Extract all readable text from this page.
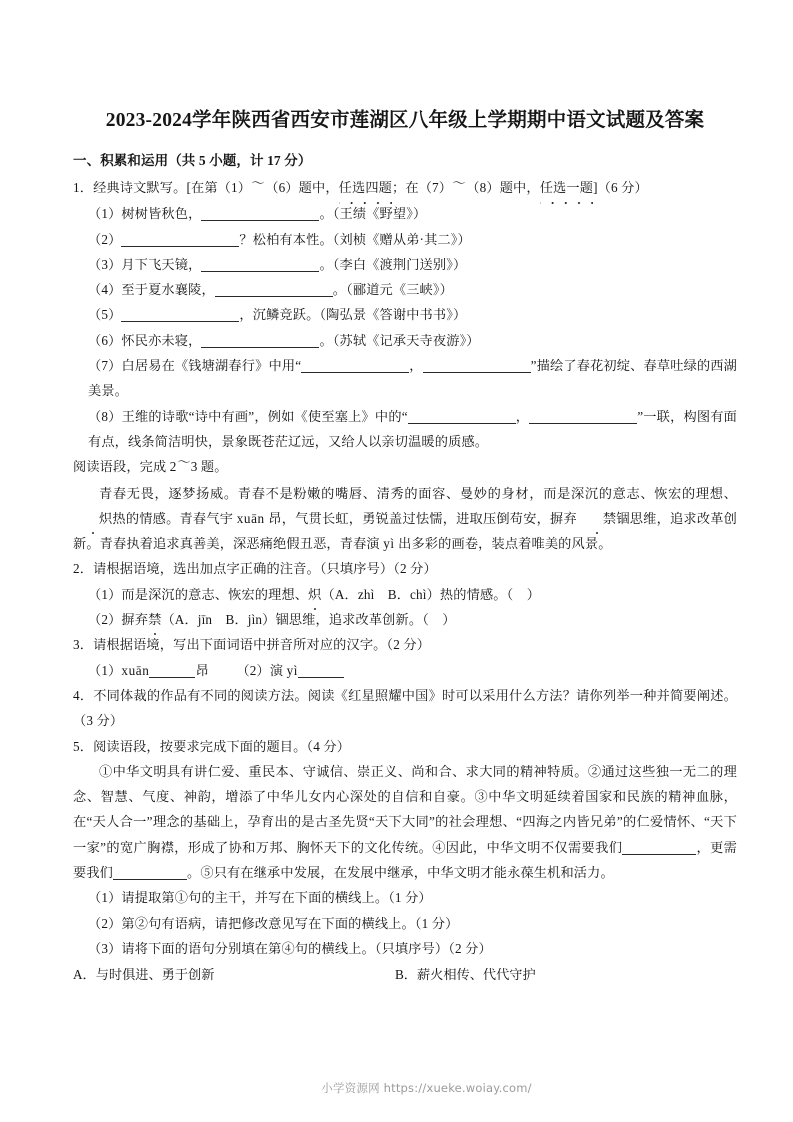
2023-2024学年陕西省西安市莲湖区八年级上学期期中语文试题及答案
一、积累和运用（共 5 小题，计 17 分）

1．经典诗文默写。[在第（1）～（6）题中，任选四题；在（7）～（8）题中，任选一题]（6 分）

（1）树树皆秋色，	。（王绩《野望》）

（2）	？松柏有本性。（刘桢《赠从弟·其二》）

（3）月下飞天镜，	。（李白《渡荆门送别》）

（4）至于夏水襄陵，	。（郦道元《三峡》）

（5）	，沉鳞竞跃。（陶弘景《答谢中书书》）

（6）怀民亦未寝，	。（苏轼《记承天寺夜游》）

（7）白居易在《钱塘湖春行》中用“	，	”描绘了春花初绽、春草吐绿的西湖美景。

（8）王维的诗歌“诗中有画”，例如《使至塞上》中的“	，	”一联，构图有面有点，线条简洁明快，景象既苍茫辽远，又给人以亲切温暖的质感。

阅读语段，完成 2～3 题。

青春无畏，逐梦扬威。青春不是粉嫩的嘴唇、清秀的面容、曼妙的身材，而是深沉的意志、恢宏的理想、炽热的情感。青春气宇 xuān 昂，气贯长虹，勇锐盖过怯懦，进取压倒苟安，摒弃 禁锢思维，追求改革创新。青春执着追求真善美，深恶痛绝假丑恶，青春演 yì 出多彩的画卷，装点着唯美的风景。

2．请根据语境，选出加点字正确的注音。（只填序号）（2 分）

（1）而是深沉的意志、恢宏的理想、炽（A．zhì　B．chì）热的情感。（　）

（2）摒弃禁（A．jīn　B．jìn）锢思维，追求改革创新。（　）

3．请根据语境，写出下面词语中拼音所对应的汉字。（2 分）

（1）xuān	昂 （2）演 yì

4．不同体裁的作品有不同的阅读方法。阅读《红星照耀中国》时可以采用什么方法？请你列举一种并简要阐述。（3 分）

5．阅读语段，按要求完成下面的题目。（4 分）

①中华文明具有讲仁爱、重民本、守诚信、崇正义、尚和合、求大同的精神特质。②通过这些独一无二的理念、智慧、气度、神韵，增添了中华儿女内心深处的自信和自豪。③中华文明延续着国家和民族的精神血脉，在“天人合一”理念的基础上，孕育出的是古圣先贤“天下大同”的社会理想、“四海之内皆兄弟”的仁爱情怀、“天下一家”的宽广胸襟，形成了协和万邦、胸怀天下的文化传统。④因此，中华文明不仅需要我们	，更需要我们	。⑤只有在继承中发展，在发展中继承，中华文明才能永葆生机和活力。

（1）请提取第①句的主干，并写在下面的横线上。（1 分）

（2）第②句有语病，请把修改意见写在下面的横线上。（1 分）

（3）请将下面的语句分别填在第④句的横线上。（只填序号）（2 分）

A．与时俱进、勇于创新	B．薪火相传、代代守护
小学资源网 https://xueke.woiay.com/
